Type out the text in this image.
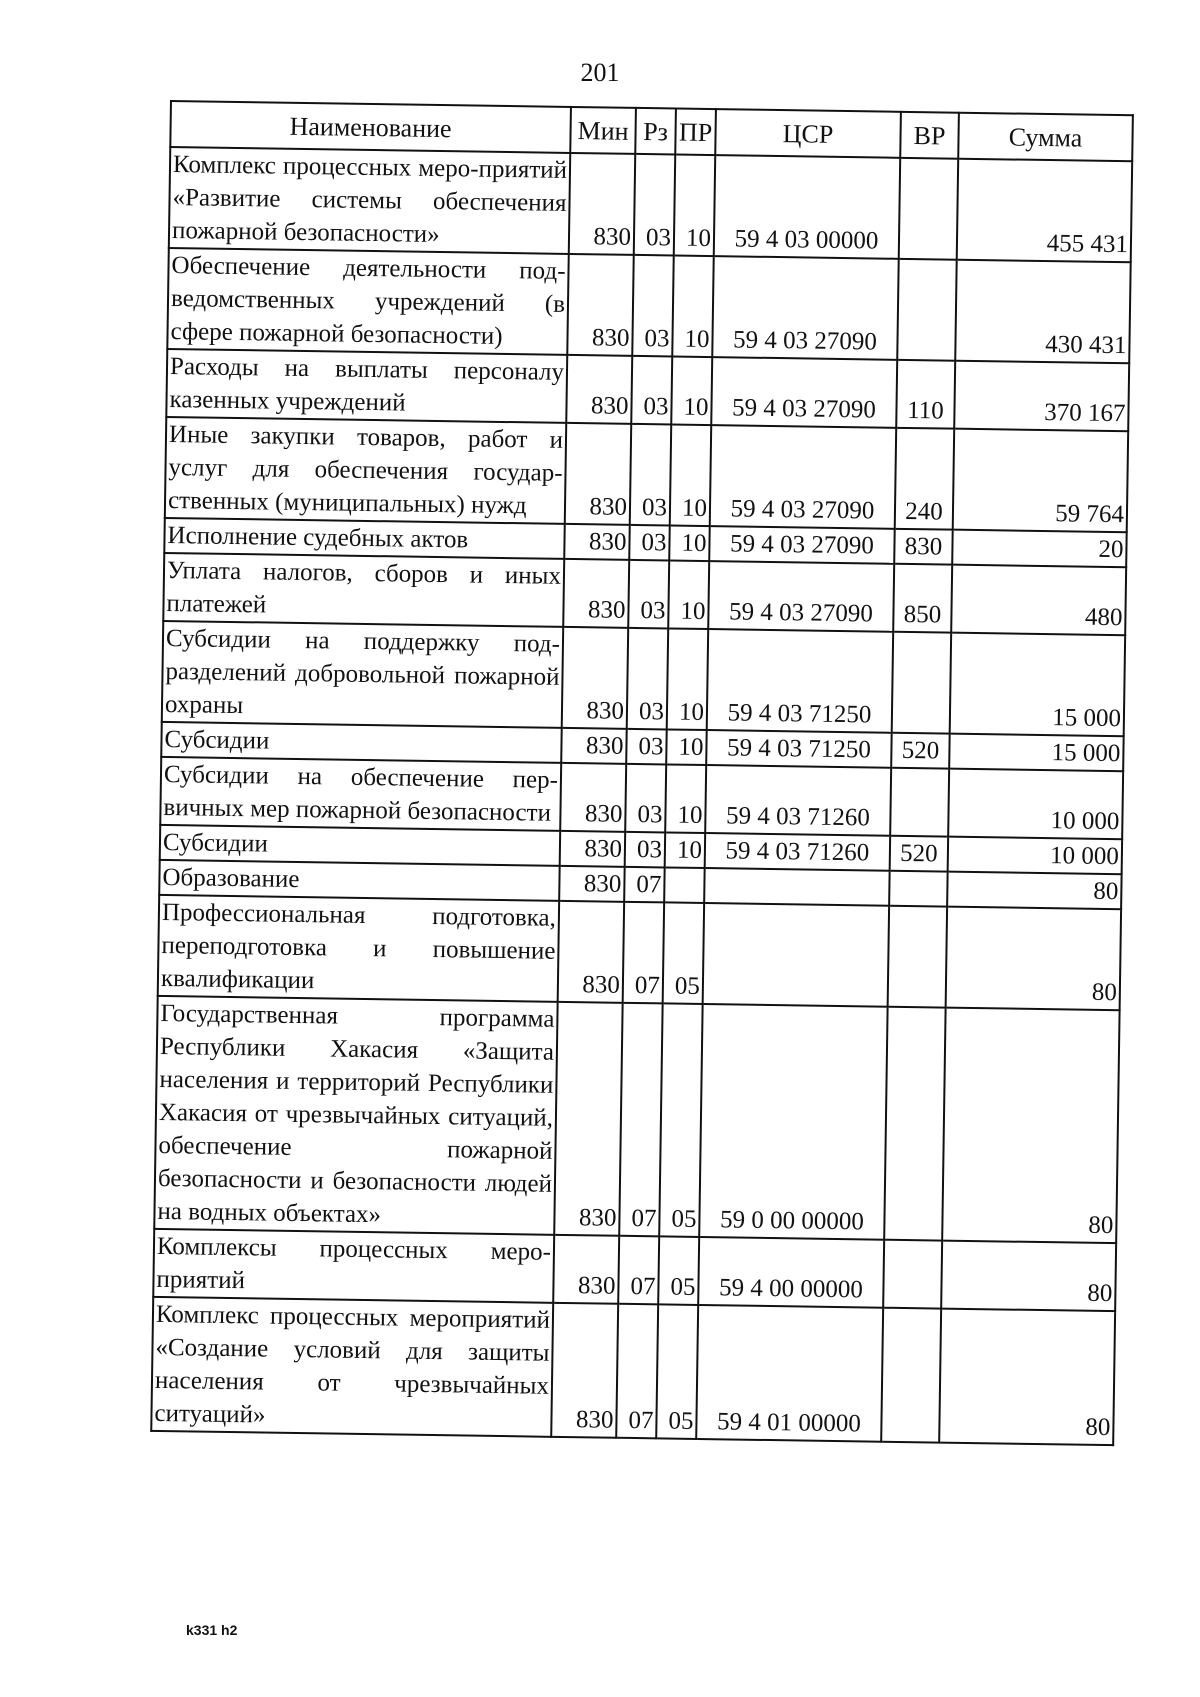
201
Наименование	Мин	Рз	ПР	ЦСР	ВР	Сумма
Комплекс процессных меро-приятий «Развитие системы обеспечения пожарной безопасности»	830	03	10	59 4 03 00000		455 431
Обеспечение деятельности подведомственных учреждений (в сфере пожарной безопасности)	830	03	10	59 4 03 27090		430 431
Расходы на выплаты персоналу казенных учреждений	830	03	10	59 4 03 27090	110	370 167
Иные закупки товаров, работ и услуг для обеспечения государственных (муниципальных) нужд	830	03	10	59 4 03 27090	240	59 764
Исполнение судебных актов	830	03	10	59 4 03 27090	830	20
Уплата налогов, сборов и иных платежей	830	03	10	59 4 03 27090	850	480
Субсидии на поддержку подразделений добровольной пожарной охраны	830	03	10	59 4 03 71250		15 000
Субсидии	830	03	10	59 4 03 71250	520	15 000
Субсидии на обеспечение первичных мер пожарной безопасности	830	03	10	59 4 03 71260		10 000
Субсидии	830	03	10	59 4 03 71260	520	10 000
Образование	830	07				80
Профессиональная подготовка, переподготовка и повышение квалификации	830	07	05			80
Государственная программа Республики Хакасия «Защита населения и территорий Республики Хакасия от чрезвычайных ситуаций, обеспечение пожарной безопасности и безопасности людей на водных объектах»	830	07	05	59 0 00 00000		80
Комплексы процессных мероприятий	830	07	05	59 4 00 00000		80
Комплекс процессных мероприятий «Создание условий для защиты населения от чрезвычайных ситуаций»	830	07	05	59 4 01 00000		80
k331 h2
